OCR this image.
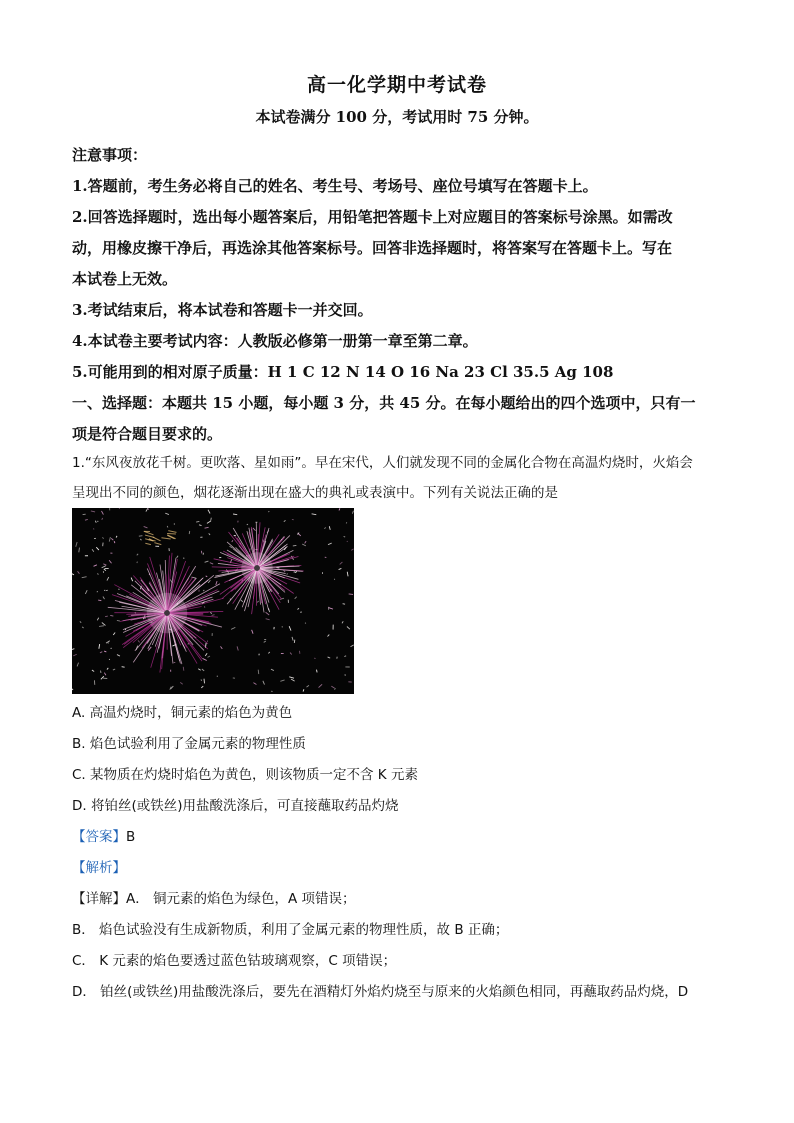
高一化学期中考试卷
本试卷满分 100 分，考试用时 75 分钟。

注意事项：

1.答题前，考生务必将自己的姓名、考生号、考场号、座位号填写在答题卡上。

2.回答选择题时，选出每小题答案后，用铅笔把答题卡上对应题目的答案标号涂黑。如需改

动，用橡皮擦干净后，再选涂其他答案标号。回答非选择题时，将答案写在答题卡上。写在

本试卷上无效。

3.考试结束后，将本试卷和答题卡一并交回。

4.本试卷主要考试内容：人教版必修第一册第一章至第二章。

5.可能用到的相对原子质量：H 1 C 12 N 14 O 16 Na 23 Cl 35.5 Ag 108

一、选择题：本题共 15 小题，每小题 3 分，共 45 分。在每小题给出的四个选项中，只有一

项是符合题目要求的。

1.“东风夜放花千树。更吹落、星如雨”。早在宋代，人们就发现不同的金属化合物在高温灼烧时，火焰会

呈现出不同的颜色，烟花逐渐出现在盛大的典礼或表演中。下列有关说法正确的是

A. 高温灼烧时，铜元素的焰色为黄色

B. 焰色试验利用了金属元素的物理性质

C. 某物质在灼烧时焰色为黄色，则该物质一定不含 K 元素

D. 将铂丝(或铁丝)用盐酸洗涤后，可直接蘸取药品灼烧

【答案】B

【解析】

【详解】A． 铜元素的焰色为绿色，A 项错误；

B． 焰色试验没有生成新物质，利用了金属元素的物理性质，故 B 正确；

C． K 元素的焰色要透过蓝色钴玻璃观察，C 项错误；

D． 铂丝(或铁丝)用盐酸洗涤后，要先在酒精灯外焰灼烧至与原来的火焰颜色相同，再蘸取药品灼烧，D
